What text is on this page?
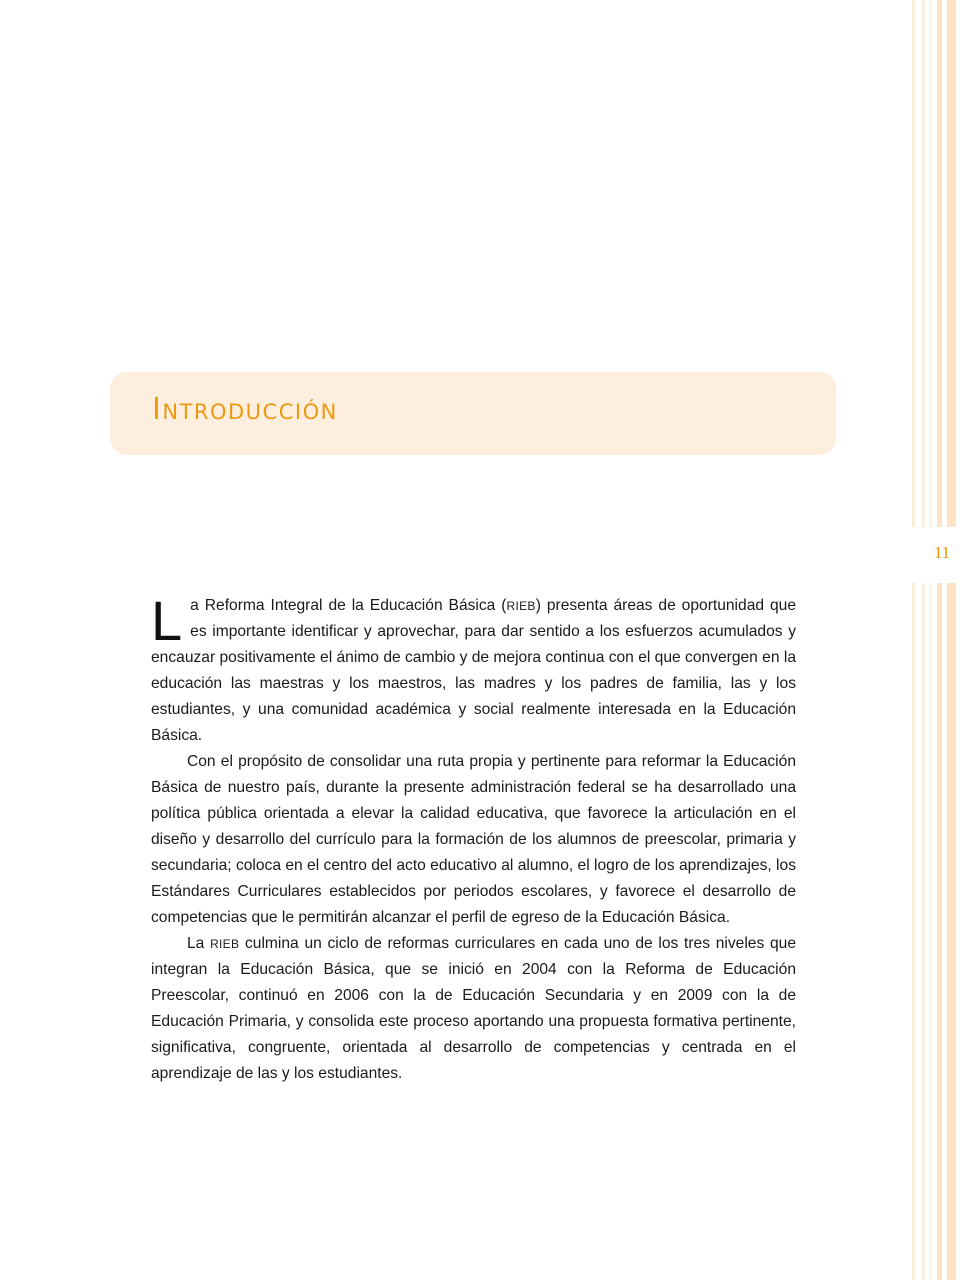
11
Introducción

La Reforma Integral de la Educación Básica (RIEB) presenta áreas de oportunidad que es importante identificar y aprovechar, para dar sentido a los esfuerzos acumulados y encauzar positivamente el ánimo de cambio y de mejora continua con el que convergen en la educación las maestras y los maestros, las madres y los padres de familia, las y los estudiantes, y una comunidad académica y social realmente interesada en la Educación Básica.

Con el propósito de consolidar una ruta propia y pertinente para reformar la Educación Básica de nuestro país, durante la presente administración federal se ha desarrollado una política pública orientada a elevar la calidad educativa, que favorece la articulación en el diseño y desarrollo del currículo para la formación de los alumnos de preescolar, primaria y secundaria; coloca en el centro del acto educativo al alumno, el logro de los aprendizajes, los Estándares Curriculares establecidos por periodos escolares, y favorece el desarrollo de competencias que le permitirán alcanzar el perfil de egreso de la Educación Básica.

La RIEB culmina un ciclo de reformas curriculares en cada uno de los tres niveles que integran la Educación Básica, que se inició en 2004 con la Reforma de Educación Preescolar, continuó en 2006 con la de Educación Secundaria y en 2009 con la de Educación Primaria, y consolida este proceso aportando una propuesta formativa pertinente, significativa, congruente, orientada al desarrollo de competencias y centrada en el aprendizaje de las y los estudiantes.
